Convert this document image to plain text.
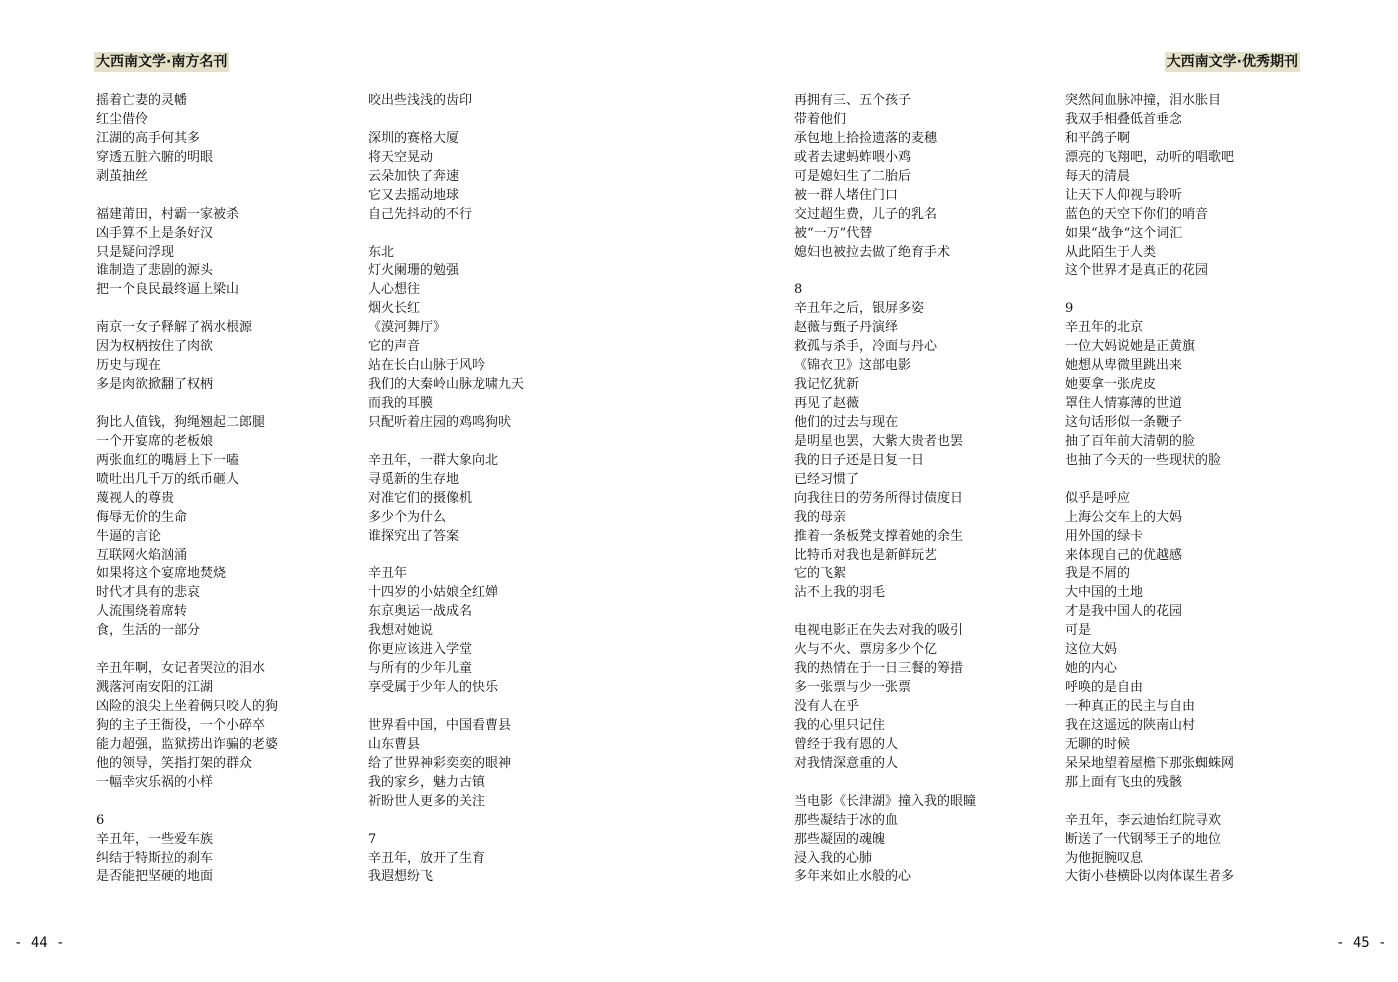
大西南文学·南方名刊	大西南文学·优秀期刊
摇着亡妻的灵幡
红尘借伶
江湖的高手何其多
穿透五脏六腑的明眼
剥茧抽丝
福建莆田，村霸一家被杀
凶手算不上是条好汉
只是疑问浮现
谁制造了悲剧的源头
把一个良民最终逼上梁山
南京一女子释解了祸水根源
因为权柄按住了肉欲
历史与现在
多是肉欲掀翻了权柄
狗比人值钱，狗绳翘起二郎腿
一个开宴席的老板娘
两张血红的嘴唇上下一嗑
喷吐出几千万的纸币砸人
蔑视人的尊贵
侮辱无价的生命
牛逼的言论
互联网火焰汹涌
如果将这个宴席地焚烧
时代才具有的悲哀
人流围绕着席转
食，生活的一部分
辛丑年啊，女记者哭泣的泪水
溅落河南安阳的江湖
凶险的浪尖上坐着俩只咬人的狗
狗的主子王衙役，一个小碎卒
能力超强，监狱捞出诈骗的老婆
他的领导，笑指打架的群众
一幅幸灾乐祸的小样
6
辛丑年，一些爱车族
纠结于特斯拉的刹车
是否能把坚硬的地面
咬出些浅浅的齿印
深圳的赛格大厦
将天空晃动
云朵加快了奔速
它又去摇动地球
自己先抖动的不行
东北
灯火阑珊的勉强
人心想往
烟火长红
《漠河舞厅》
它的声音
站在长白山脉于风吟
我们的大秦岭山脉龙啸九天
而我的耳膜
只配听着庄园的鸡鸣狗吠
辛丑年，一群大象向北
寻觅新的生存地
对准它们的摄像机
多少个为什么
谁探究出了答案
辛丑年
十四岁的小姑娘全红婵
东京奥运一战成名
我想对她说
你更应该进入学堂
与所有的少年儿童
享受属于少年人的快乐
世界看中国，中国看曹县
山东曹县
给了世界神彩奕奕的眼神
我的家乡，魅力古镇
祈盼世人更多的关注
7
辛丑年，放开了生育
我遐想纷飞
再拥有三、五个孩子
带着他们
承包地上拾捡遗落的麦穗
或者去逮蚂蚱喂小鸡
可是媳妇生了二胎后
被一群人堵住门口
交过超生费，儿子的乳名
被“一万”代替
媳妇也被拉去做了绝育手术
8
辛丑年之后，银屏多姿
赵薇与甄子丹演绎
救孤与杀手，冷面与丹心
《锦衣卫》这部电影
我记忆犹新
再见了赵薇
他们的过去与现在
是明星也罢，大紫大贵者也罢
我的日子还是日复一日
已经习惯了
向我往日的劳务所得讨债度日
我的母亲
推着一条板凳支撑着她的余生
比特币对我也是新鲜玩艺
它的飞絮
沾不上我的羽毛
电视电影正在失去对我的吸引
火与不火、票房多少个亿
我的热情在于一日三餐的筹措
多一张票与少一张票
没有人在乎
我的心里只记住
曾经于我有恩的人
对我情深意重的人
当电影《长津湖》撞入我的眼瞳
那些凝结于冰的血
那些凝固的魂魄
浸入我的心肺
多年来如止水般的心
突然间血脉冲撞，泪水胀目
我双手相叠低首垂念
和平鸽子啊
漂亮的飞翔吧，动听的唱歌吧
每天的清晨
让天下人仰视与聆听
蓝色的天空下你们的哨音
如果“战争“这个词汇
从此陌生于人类
这个世界才是真正的花园
9
辛丑年的北京
一位大妈说她是正黄旗
她想从卑微里跳出来
她要拿一张虎皮
罩住人情寡薄的世道
这句话形似一条鞭子
抽了百年前大清朝的脸
也抽了今天的一些现状的脸
似乎是呼应
上海公交车上的大妈
用外国的绿卡
来体现自己的优越感
我是不屑的
大中国的土地
才是我中国人的花园
可是
这位大妈
她的内心
呼唤的是自由
一种真正的民主与自由
我在这遥远的陕南山村
无聊的时候
呆呆地望着屋檐下那张蜘蛛网
那上面有飞虫的残骸
辛丑年，李云迪怡红院寻欢
断送了一代钢琴王子的地位
为他扼腕叹息
大街小巷横卧以肉体谋生者多
- 44 -	- 45 -
